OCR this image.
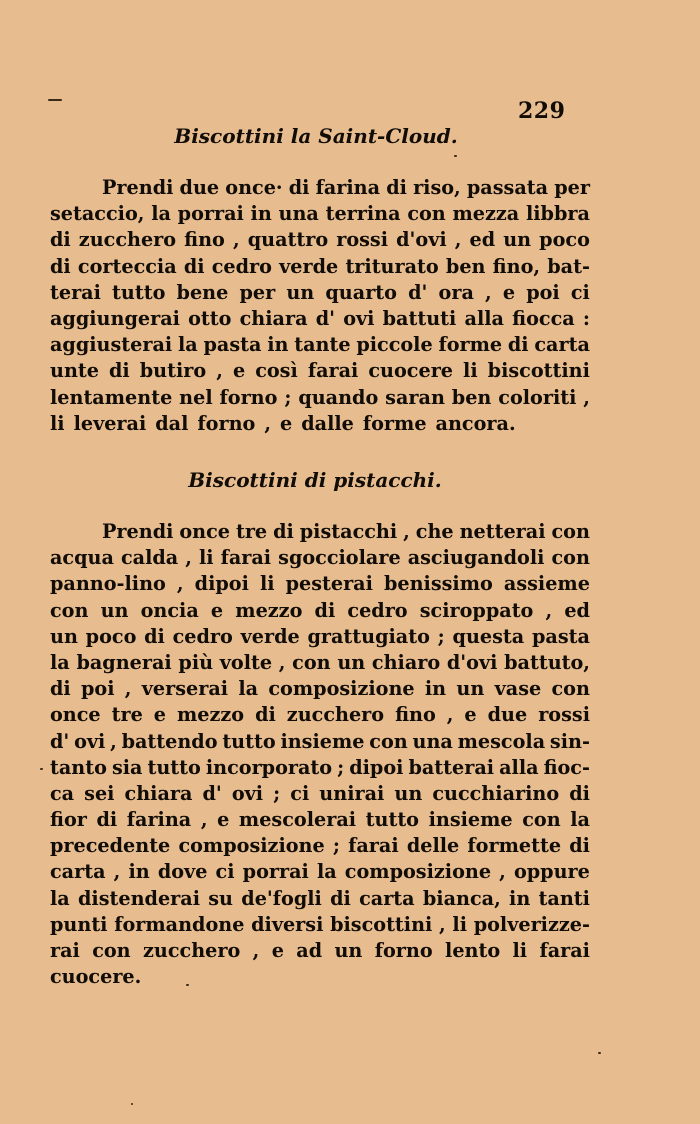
229
Biscottini la Saint-Cloud.
Prendi due once· di farina di riso, passata per
setaccio, la porrai in una terrina con mezza libbra
di zucchero fino , quattro rossi d'ovi , ed un poco
di corteccia di cedro verde triturato ben fino, bat-
terai tutto bene per un quarto d' ora , e poi ci
aggiungerai otto chiara d' ovi battuti alla fiocca :
aggiusterai la pasta in tante piccole forme di carta
unte di butiro , e così farai cuocere li biscottini
lentamente nel forno ; quando saran ben coloriti ,
li leverai dal forno , e dalle forme ancora.
Biscottini di pistacchi.
Prendi once tre di pistacchi , che netterai con
acqua calda , li farai sgocciolare asciugandoli con
panno-lino , dipoi li pesterai benissimo assieme
con un oncia e mezzo di cedro sciroppato , ed
un poco di cedro verde grattugiato ; questa pasta
la bagnerai più volte , con un chiaro d'ovi battuto,
di poi , verserai la composizione in un vase con
once tre e mezzo di zucchero fino , e due rossi
d' ovi , battendo tutto insieme con una mescola sin-
tanto sia tutto incorporato ; dipoi batterai alla fioc-
ca sei chiara d' ovi ; ci unirai un cucchiarino di
fior di farina , e mescolerai tutto insieme con la
precedente composizione ; farai delle formette di
carta , in dove ci porrai la composizione , oppure
la distenderai su de'fogli di carta bianca, in tanti
punti formandone diversi biscottini , li polverizze-
rai con zucchero , e ad un forno lento li farai
cuocere.
